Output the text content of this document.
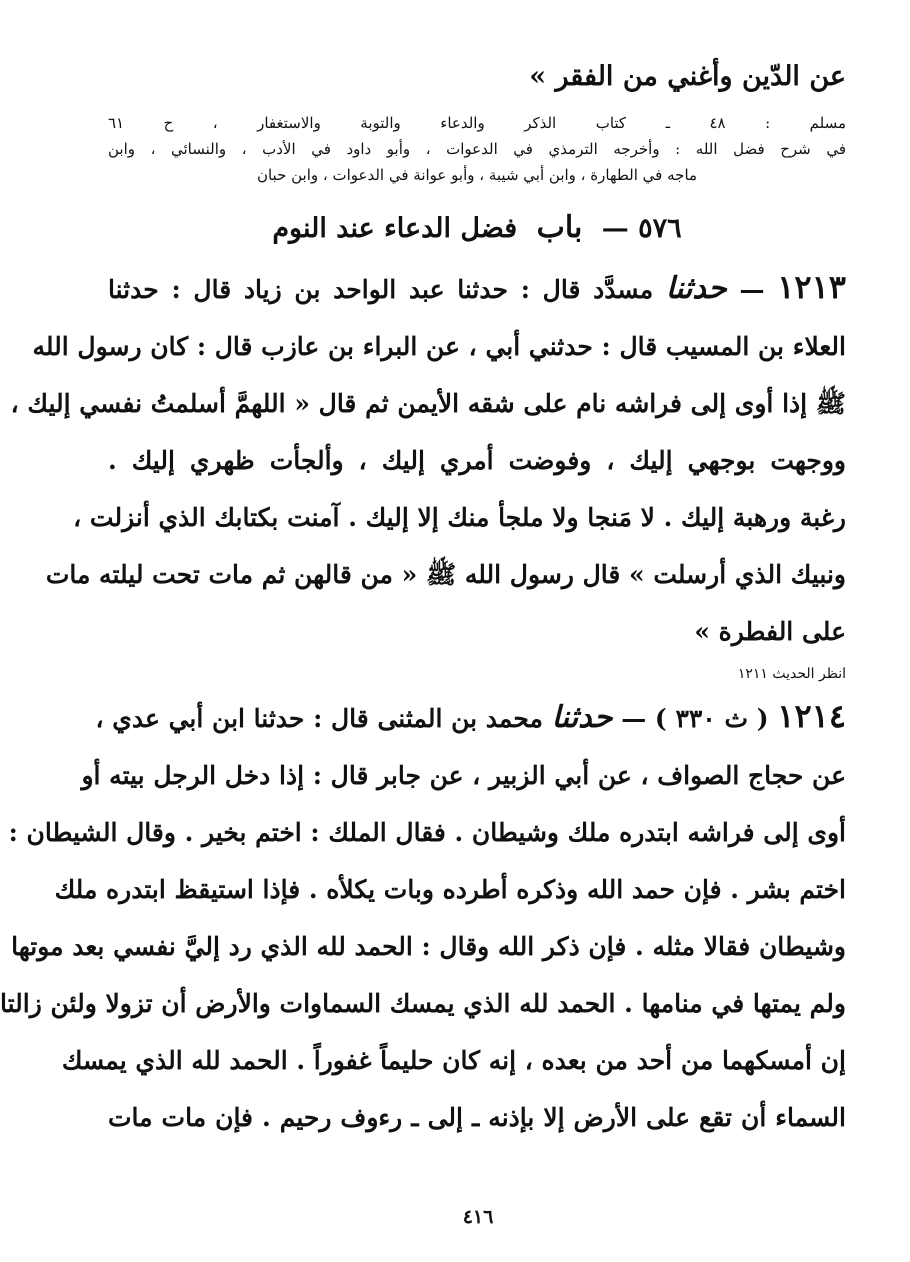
عن الدّين وأغني من الفقر »
مسلم : ٤٨ ـ كتاب الذكر والدعاء والتوبة والاستغفار ، ح ٦١
في شرح فضل الله : وأخرجه الترمذي في الدعوات ، وأبو داود في الأدب ، والنسائي ، وابن
ماجه في الطهارة ، وابن أبي شيبة ، وأبو عوانة في الدعوات ، وابن حبان
٥٧٦ — باب فضل الدعاء عند النوم
١٢١٣ — حدثنا مسدَّد قال : حدثنا عبد الواحد بن زياد قال : حدثنا
العلاء بن المسيب قال : حدثني أبي ، عن البراء بن عازب قال : كان رسول الله
ﷺ إذا أوى إلى فراشه نام على شقه الأيمن ثم قال « اللهمَّ أسلمتُ نفسي إليك ،
ووجهت بوجهي إليك ، وفوضت أمري إليك ، وألجأت ظهري إليك .
رغبة ورهبة إليك . لا مَنجا ولا ملجأ منك إلا إليك . آمنت بكتابك الذي أنزلت ،
ونبيك الذي أرسلت » قال رسول الله ﷺ « من قالهن ثم مات تحت ليلته مات
على الفطرة »
انظر الحديث ١٢١١
١٢١٤ ( ث ٣٣٠ ) — حدثنا محمد بن المثنى قال : حدثنا ابن أبي عدي ،
عن حجاج الصواف ، عن أبي الزبير ، عن جابر قال : إذا دخل الرجل بيته أو
أوى إلى فراشه ابتدره ملك وشيطان . فقال الملك : اختم بخير . وقال الشيطان :
اختم بشر . فإن حمد الله وذكره أطرده وبات يكلأه . فإذا استيقظ ابتدره ملك
وشيطان فقالا مثله . فإن ذكر الله وقال : الحمد لله الذي رد إليَّ نفسي بعد موتها
ولم يمتها في منامها . الحمد لله الذي يمسك السماوات والأرض أن تزولا ولئن زالتا
إن أمسكهما من أحد من بعده ، إنه كان حليماً غفوراً . الحمد لله الذي يمسك
السماء أن تقع على الأرض إلا بإذنه ـ إلى ـ رءوف رحيم . فإن مات مات
٤١٦
